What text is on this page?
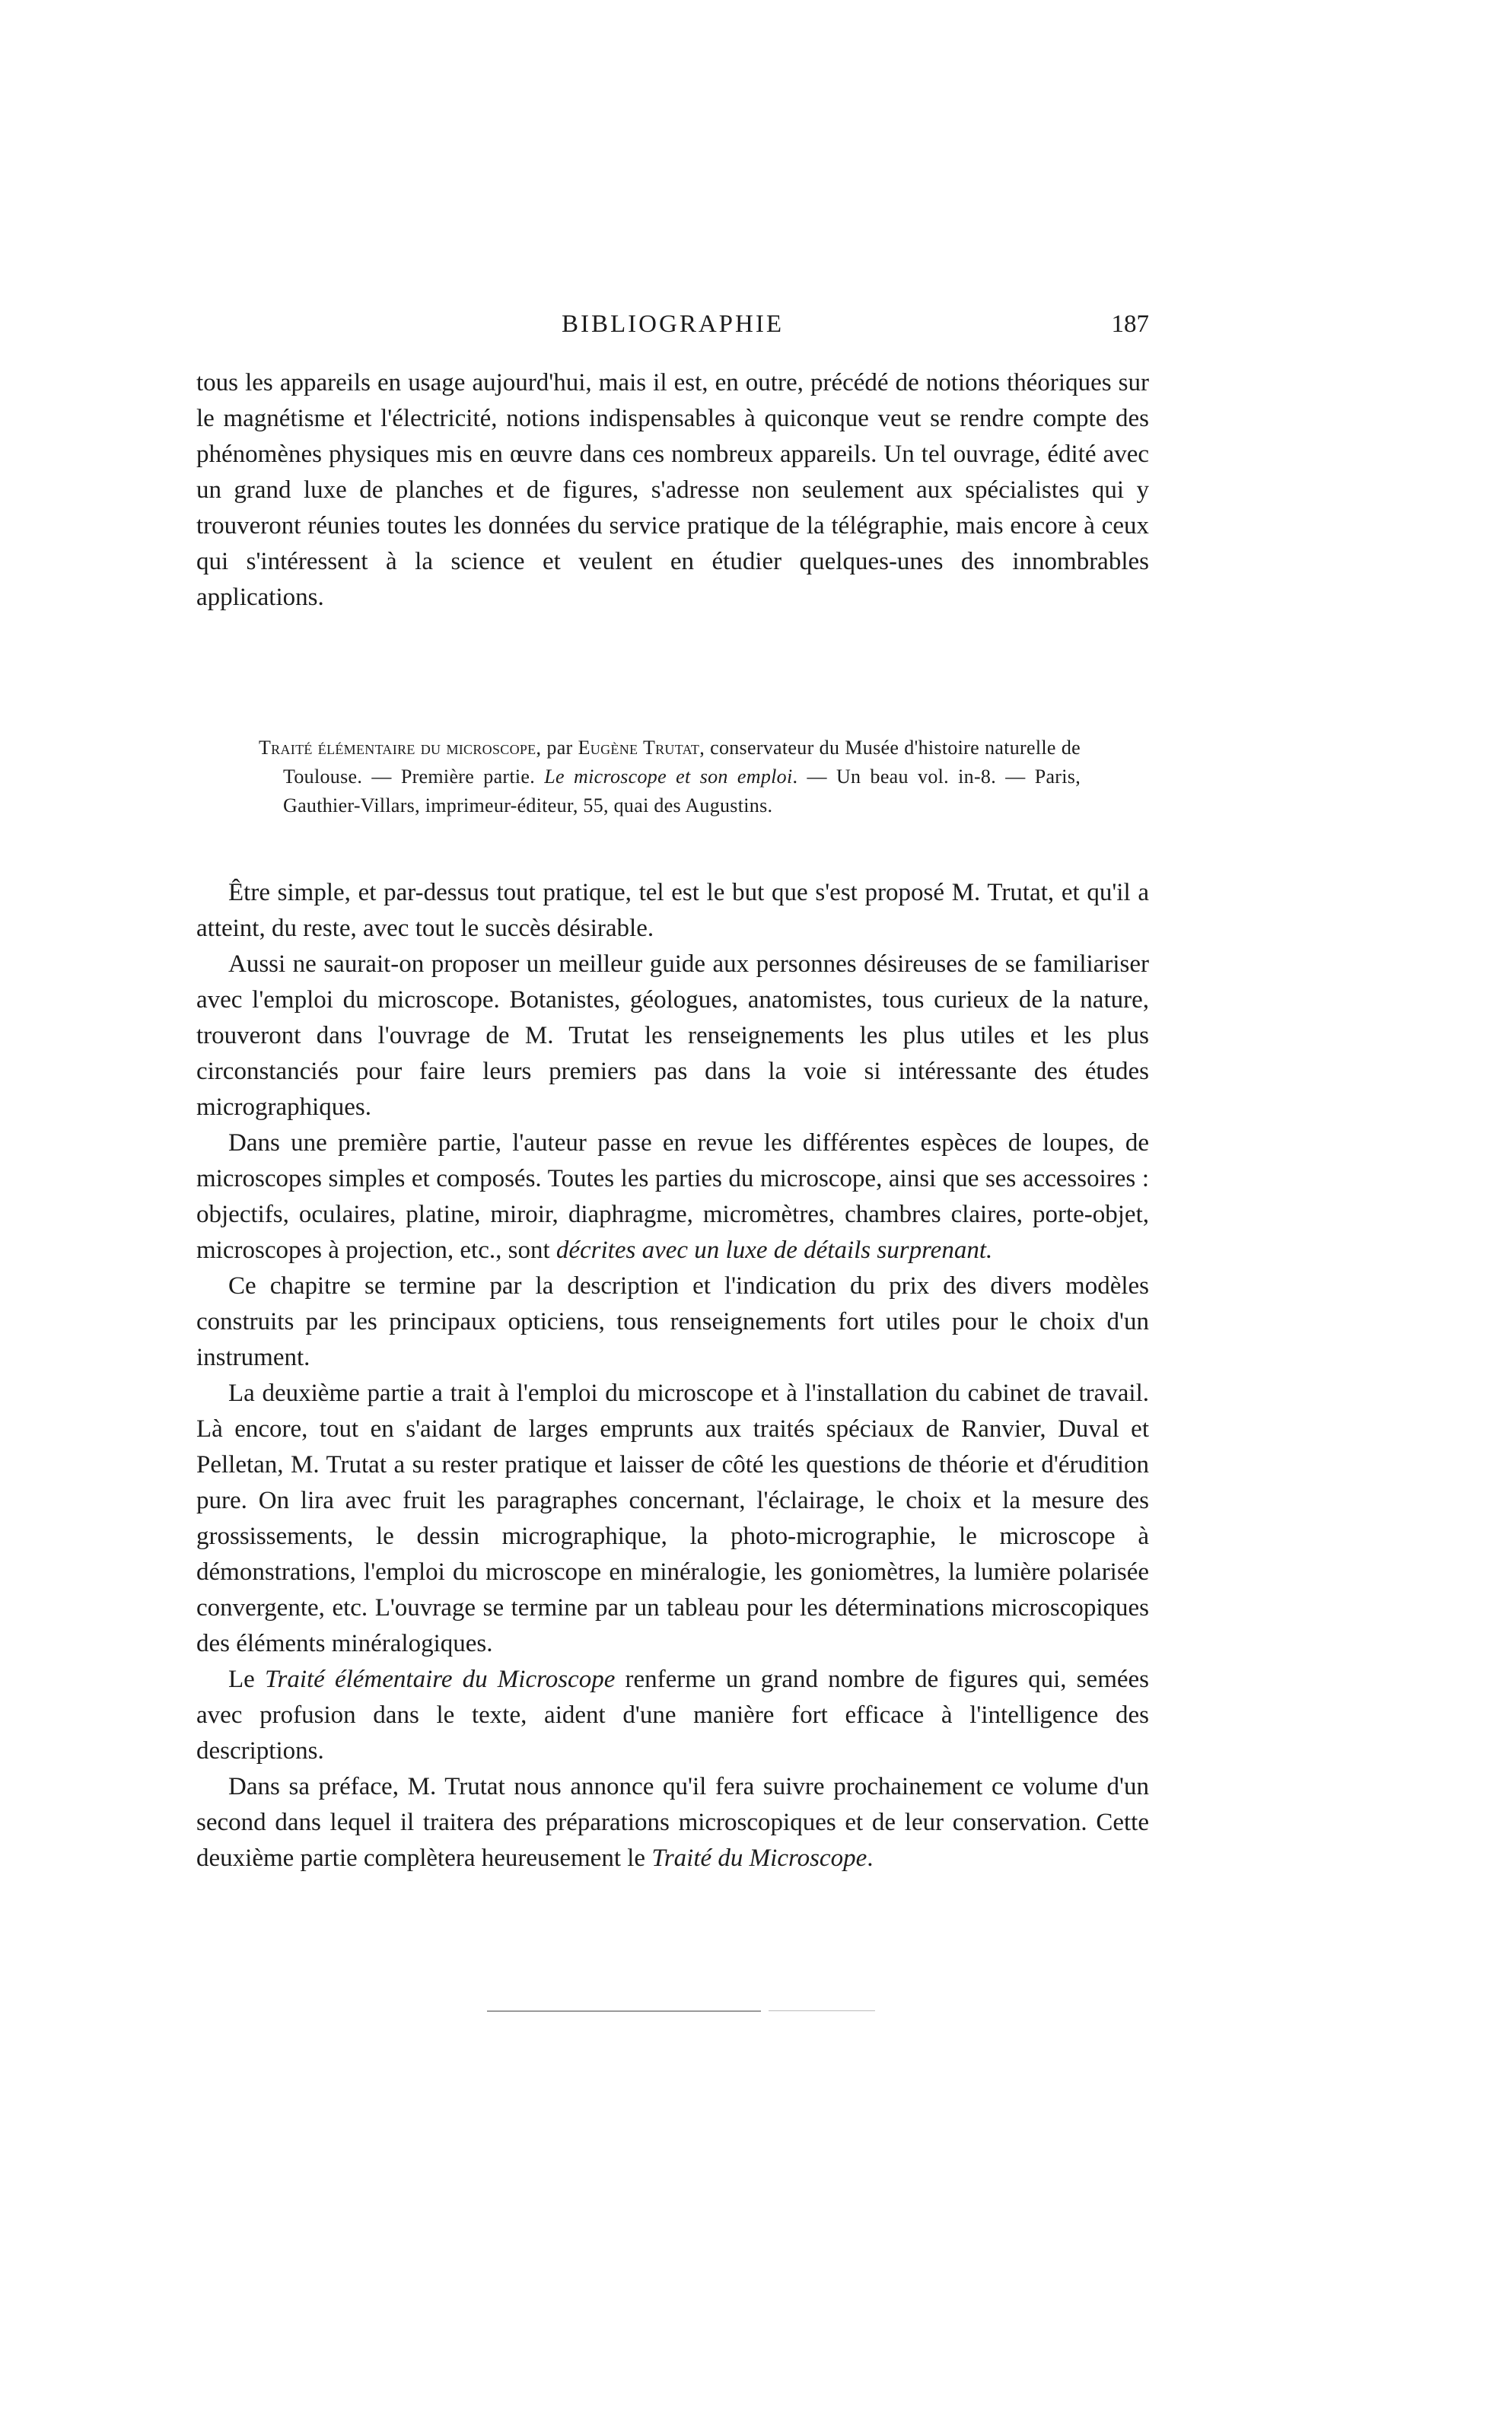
BIBLIOGRAPHIE	187

tous les appareils en usage aujourd'hui, mais il est, en outre, précédé de notions théoriques sur le magnétisme et l'électricité, notions indispensables à quiconque veut se rendre compte des phénomènes physiques mis en œuvre dans ces nombreux appareils. Un tel ouvrage, édité avec un grand luxe de planches et de figures, s'adresse non seulement aux spécialistes qui y trouveront réunies toutes les données du service pratique de la télégraphie, mais encore à ceux qui s'intéressent à la science et veulent en étudier quelques-unes des innombrables applications.

Traité élémentaire du microscope, par Eugène Trutat, conservateur du Musée d'histoire naturelle de Toulouse. — Première partie. Le microscope et son emploi. — Un beau vol. in-8. — Paris, Gauthier-Villars, imprimeur-éditeur, 55, quai des Augustins.

Être simple, et par-dessus tout pratique, tel est le but que s'est proposé M. Trutat, et qu'il a atteint, du reste, avec tout le succès désirable.

Aussi ne saurait-on proposer un meilleur guide aux personnes désireuses de se familiariser avec l'emploi du microscope. Botanistes, géologues, anatomistes, tous curieux de la nature, trouveront dans l'ouvrage de M. Trutat les renseignements les plus utiles et les plus circonstanciés pour faire leurs premiers pas dans la voie si intéressante des études micrographiques.

Dans une première partie, l'auteur passe en revue les différentes espèces de loupes, de microscopes simples et composés. Toutes les parties du microscope, ainsi que ses accessoires : objectifs, oculaires, platine, miroir, diaphragme, micromètres, chambres claires, porte-objet, microscopes à projection, etc., sont décrites avec un luxe de détails surprenant.

Ce chapitre se termine par la description et l'indication du prix des divers modèles construits par les principaux opticiens, tous renseignements fort utiles pour le choix d'un instrument.

La deuxième partie a trait à l'emploi du microscope et à l'installation du cabinet de travail. Là encore, tout en s'aidant de larges emprunts aux traités spéciaux de Ranvier, Duval et Pelletan, M. Trutat a su rester pratique et laisser de côté les questions de théorie et d'érudition pure. On lira avec fruit les paragraphes concernant, l'éclairage, le choix et la mesure des grossissements, le dessin micrographique, la photo-micrographie, le microscope à démonstrations, l'emploi du microscope en minéralogie, les goniomètres, la lumière polarisée convergente, etc. L'ouvrage se termine par un tableau pour les déterminations microscopiques des éléments minéralogiques.

Le Traité élémentaire du Microscope renferme un grand nombre de figures qui, semées avec profusion dans le texte, aident d'une manière fort efficace à l'intelligence des descriptions.

Dans sa préface, M. Trutat nous annonce qu'il fera suivre prochainement ce volume d'un second dans lequel il traitera des préparations microscopiques et de leur conservation. Cette deuxième partie complètera heureusement le Traité du Microscope.
